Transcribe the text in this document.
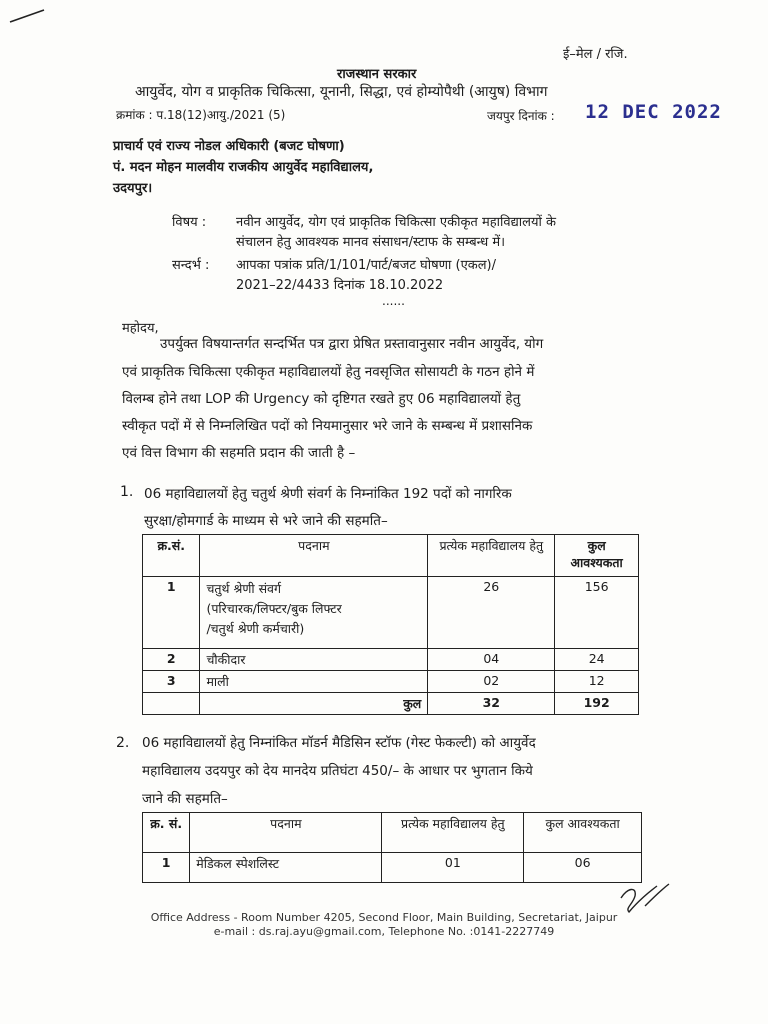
ई–मेल / रजि.
राजस्थान सरकार
आयुर्वेद, योग व प्राकृतिक चिकित्सा, यूनानी, सिद्धा, एवं होम्योपैथी (आयुष) विभाग
क्रमांक : प.18(12)आयु./2021 (5)	जयपुर दिनांक : 12 DEC 2022
प्राचार्य एवं राज्य नोडल अधिकारी (बजट घोषणा)
पं. मदन मोहन मालवीय राजकीय आयुर्वेद महाविद्यालय,
उदयपुर।
विषय : नवीन आयुर्वेद, योग एवं प्राकृतिक चिकित्सा एकीकृत महाविद्यालयों के
संचालन हेतु आवश्यक मानव संसाधन/स्टाफ के सम्बन्ध में।
सन्दर्भ : आपका पत्रांक प्रति/1/101/पार्ट/बजट घोषणा (एकल)/
2021–22/4433 दिनांक 18.10.2022
......
महोदय,
उपर्युक्त विषयान्तर्गत सन्दर्भित पत्र द्वारा प्रेषित प्रस्तावानुसार नवीन आयुर्वेद, योग
एवं प्राकृतिक चिकित्सा एकीकृत महाविद्यालयों हेतु नवसृजित सोसायटी के गठन होने में
विलम्ब होने तथा LOP की Urgency को दृष्टिगत रखते हुए 06 महाविद्यालयों हेतु
स्वीकृत पदों में से निम्नलिखित पदों को नियमानुसार भरे जाने के सम्बन्ध में प्रशासनिक
एवं वित्त विभाग की सहमति प्रदान की जाती है –
1. 06 महाविद्यालयों हेतु चतुर्थ श्रेणी संवर्ग के निम्नांकित 192 पदों को नागरिक
सुरक्षा/होमगार्ड के माध्यम से भरे जाने की सहमति–
क्र.सं.	पदनाम	प्रत्येक महाविद्यालय हेतु	कुल आवश्यकता
1	चतुर्थ श्रेणी संवर्ग
(परिचारक/लिफ्टर/बुक लिफ्टर
/चतुर्थ श्रेणी कर्मचारी)	26	156
2	चौकीदार	04	24
3	माली	02	12
	कुल	32	192
2. 06 महाविद्यालयों हेतु निम्नांकित मॉडर्न मैडिसिन स्टॉफ (गेस्ट फेकल्टी) को आयुर्वेद
महाविद्यालय उदयपुर को देय मानदेय प्रतिघंटा 450/– के आधार पर भुगतान किये
जाने की सहमति–
क्र. सं.	पदनाम	प्रत्येक महाविद्यालय हेतु	कुल आवश्यकता
1	मेडिकल स्पेशलिस्ट	01	06
Office Address - Room Number 4205, Second Floor, Main Building, Secretariat, Jaipur
e-mail : ds.raj.ayu@gmail.com, Telephone No. :0141-2227749
